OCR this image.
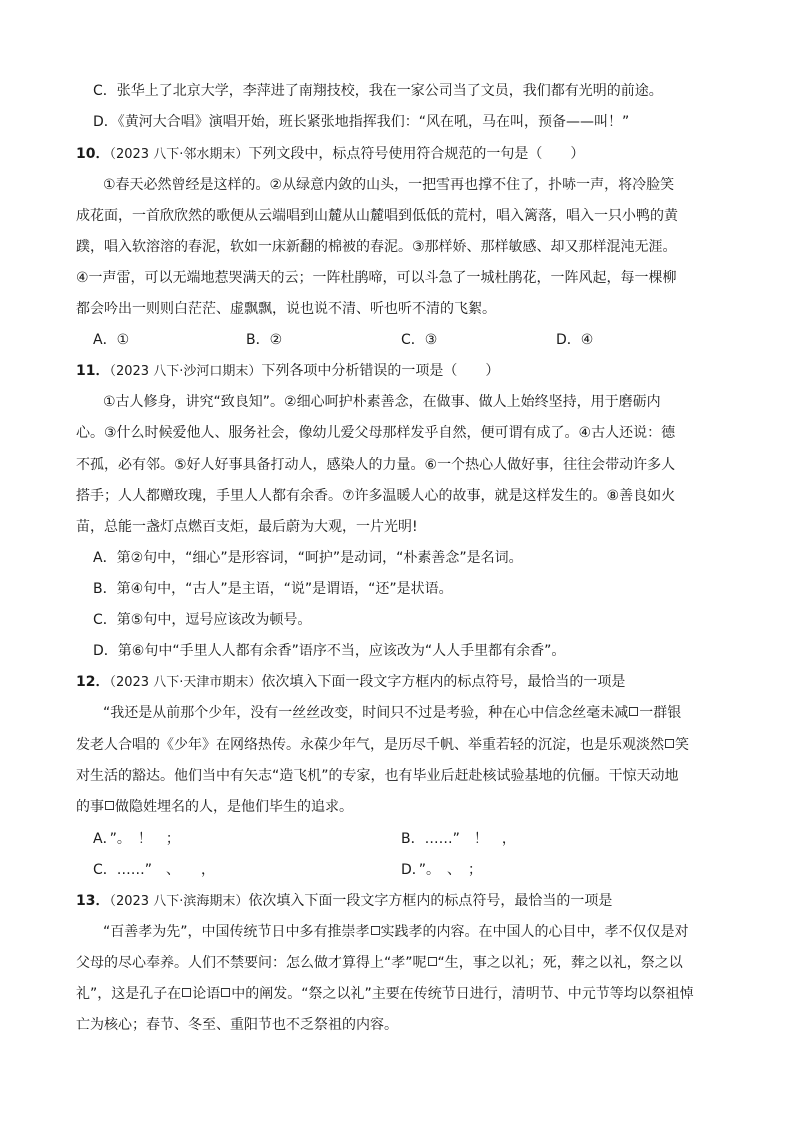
C．张华上了北京大学，李萍进了南翔技校，我在一家公司当了文员，我们都有光明的前途。
D．《黄河大合唱》演唱开始，班长紧张地指挥我们：“风在吼，马在叫，预备——叫！”
10．（2023 八下·邻水期末）下列文段中，标点符号使用符合规范的一句是（　　）
①春天必然曾经是这样的。②从绿意内敛的山头，一把雪再也撑不住了，扑哧一声，将冷脸笑
成花面，一首欣欣然的歌便从云端唱到山麓从山麓唱到低低的荒村，唱入篱落，唱入一只小鸭的黄
蹼，唱入软溶溶的春泥，软如一床新翻的棉被的春泥。③那样娇、那样敏感、却又那样混沌无涯。
④一声雷，可以无端地惹哭满天的云；一阵杜鹃啼，可以斗急了一城杜鹃花，一阵风起，每一棵柳
都会吟出一则则白茫茫、虚飘飘，说也说不清、听也听不清的飞絮。
A．①	B．②	C．③	D．④
11．（2023 八下·沙河口期末）下列各项中分析错误的一项是（　　）
①古人修身，讲究“致良知”。②细心呵护朴素善念，在做事、做人上始终坚持，用于磨砺内
心。③什么时候爱他人、服务社会，像幼儿爱父母那样发乎自然，便可谓有成了。④古人还说：德
不孤，必有邻。⑤好人好事具备打动人，感染人的力量。⑥一个热心人做好事，往往会带动许多人
搭手；人人都赠玫瑰，手里人人都有余香。⑦许多温暖人心的故事，就是这样发生的。⑧善良如火
苗，总能一盏灯点燃百支炬，最后蔚为大观，一片光明!
A．第②句中，“细心”是形容词，“呵护”是动词，“朴素善念”是名词。
B．第④句中，“古人”是主语，“说”是谓语，“还”是状语。
C．第⑤句中，逗号应该改为顿号。
D．第⑥句中“手里人人都有余香”语序不当，应该改为“人人手里都有余香”。
12．（2023 八下·天津市期末）依次填入下面一段文字方框内的标点符号，最恰当的一项是
“我还是从前那个少年，没有一丝丝改变，时间只不过是考验，种在心中信念丝毫未减 一群银
发老人合唱的《少年》在网络热传。永葆少年气，是历尽千帆、举重若轻的沉淀，也是乐观淡然 笑
对生活的豁达。他们当中有矢志“造飞机”的专家，也有毕业后赶赴核试验基地的伉俪。干惊天动地
的事 做隐姓埋名的人，是他们毕生的追求。
A．”。　！　；	B．……”　！　，
C．……”　、　　，	D．”。　、　；
13．（2023 八下·滨海期末）依次填入下面一段文字方框内的标点符号，最恰当的一项是
“百善孝为先”，中国传统节日中多有推崇孝 实践孝的内容。在中国人的心目中，孝不仅仅是对
父母的尽心奉养。人们不禁要问：怎么做才算得上“孝”呢 “生，事之以礼；死，葬之以礼，祭之以
礼”，这是孔子在 论语 中的阐发。“祭之以礼”主要在传统节日进行，清明节、中元节等均以祭祖悼
亡为核心；春节、冬至、重阳节也不乏祭祖的内容。
